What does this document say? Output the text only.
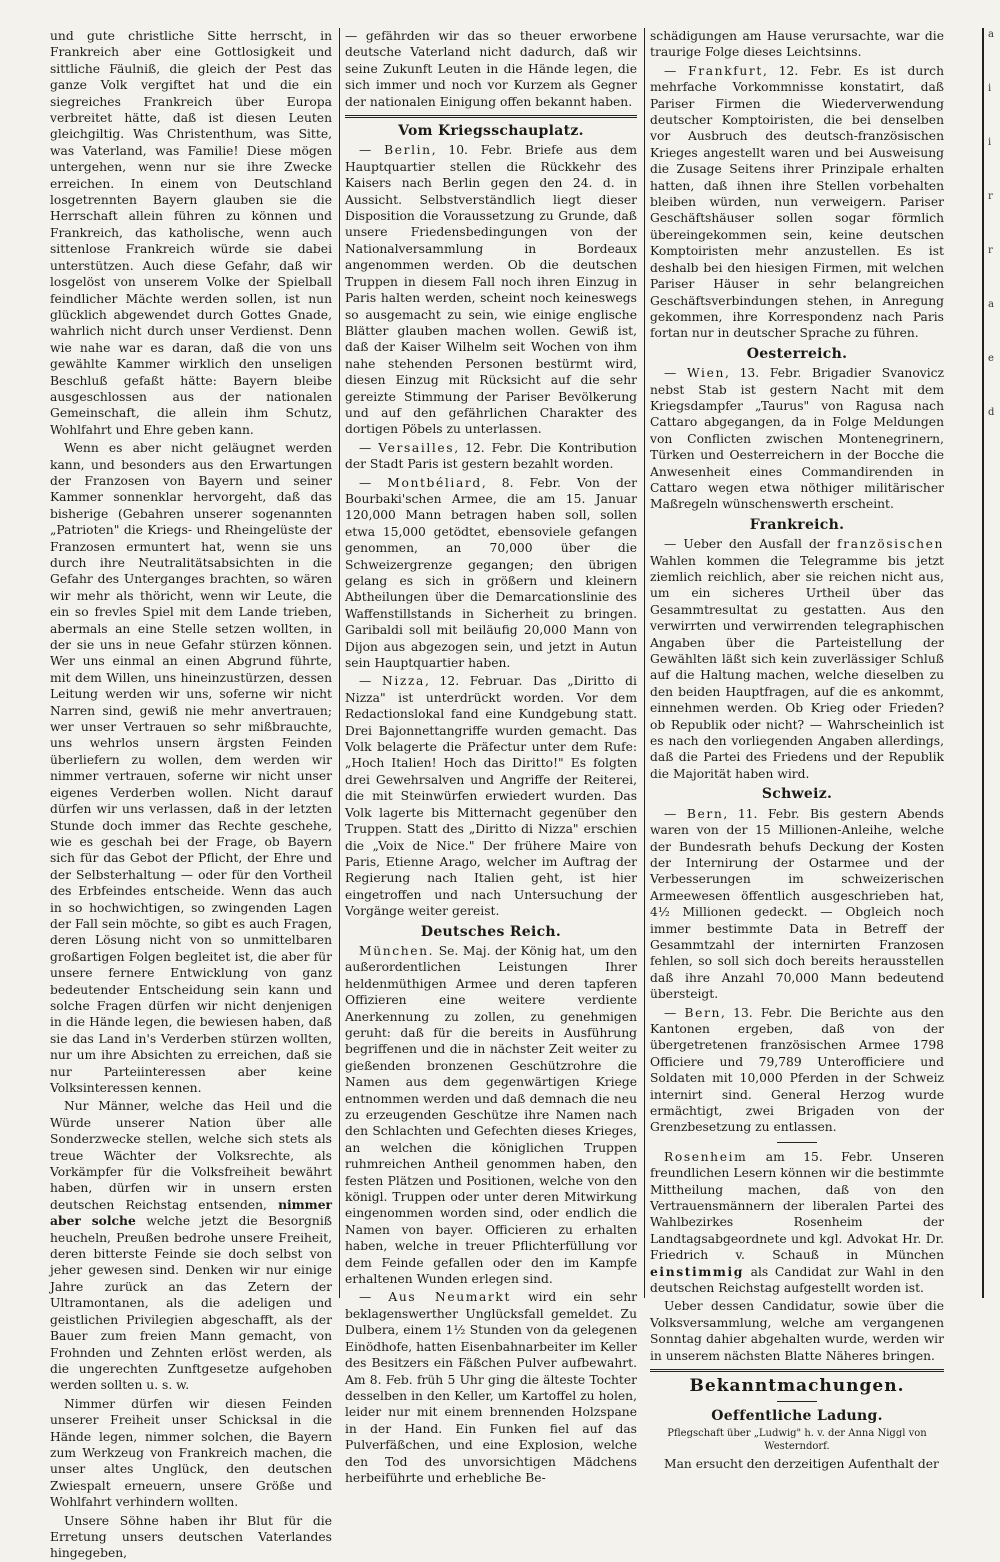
und gute christliche Sitte herrscht, in Frankreich aber eine Gottlosigkeit und sittliche Fäulniß, die gleich der Pest das ganze Volk vergiftet hat und die ein siegreiches Frankreich über Europa verbreitet hätte, daß ist diesen Leuten gleichgiltig. Was Christenthum, was Sitte, was Vaterland, was Familie! Diese mögen untergehen, wenn nur sie ihre Zwecke erreichen. In einem von Deutschland losgetrennten Bayern glauben sie die Herrschaft allein führen zu können und Frankreich, das katholische, wenn auch sittenlose Frankreich würde sie dabei unterstützen. Auch diese Gefahr, daß wir losgelöst von unserem Volke der Spielball feindlicher Mächte werden sollen, ist nun glücklich abgewendet durch Gottes Gnade, wahrlich nicht durch unser Verdienst. Denn wie nahe war es daran, daß die von uns gewählte Kammer wirklich den unseligen Beschluß gefaßt hätte: Bayern bleibe ausgeschlossen aus der nationalen Gemeinschaft, die allein ihm Schutz, Wohlfahrt und Ehre geben kann.

Wenn es aber nicht geläugnet werden kann, und besonders aus den Erwartungen der Franzosen von Bayern und seiner Kammer sonnenklar hervorgeht, daß das bisherige (Gebahren unserer sogenannten „Patrioten" die Kriegs- und Rheingelüste der Franzosen ermuntert hat, wenn sie uns durch ihre Neutralitätsabsichten in die Gefahr des Unterganges brachten, so wären wir mehr als thöricht, wenn wir Leute, die ein so frevles Spiel mit dem Lande trieben, abermals an eine Stelle setzen wollten, in der sie uns in neue Gefahr stürzen können. Wer uns einmal an einen Abgrund führte, mit dem Willen, uns hineinzustürzen, dessen Leitung werden wir uns, soferne wir nicht Narren sind, gewiß nie mehr anvertrauen; wer unser Vertrauen so sehr mißbrauchte, uns wehrlos unsern ärgsten Feinden überliefern zu wollen, dem werden wir nimmer vertrauen, soferne wir nicht unser eigenes Verderben wollen. Nicht darauf dürfen wir uns verlassen, daß in der letzten Stunde doch immer das Rechte geschehe, wie es geschah bei der Frage, ob Bayern sich für das Gebot der Pflicht, der Ehre und der Selbsterhaltung — oder für den Vortheil des Erbfeindes entscheide. Wenn das auch in so hochwichtigen, so zwingenden Lagen der Fall sein möchte, so gibt es auch Fragen, deren Lösung nicht von so unmittelbaren großartigen Folgen begleitet ist, die aber für unsere fernere Entwicklung von ganz bedeutender Entscheidung sein kann und solche Fragen dürfen wir nicht denjenigen in die Hände legen, die bewiesen haben, daß sie das Land in's Verderben stürzen wollten, nur um ihre Absichten zu erreichen, daß sie nur Parteiinteressen aber keine Volksinteressen kennen.

Nur Männer, welche das Heil und die Würde unserer Nation über alle Sonderzwecke stellen, welche sich stets als treue Wächter der Volksrechte, als Vorkämpfer für die Volksfreiheit bewährt haben, dürfen wir in unsern ersten deutschen Reichstag entsenden, nimmer aber solche welche jetzt die Besorgniß heucheln, Preußen bedrohe unsere Freiheit, deren bitterste Feinde sie doch selbst von jeher gewesen sind. Denken wir nur einige Jahre zurück an das Zetern der Ultramontanen, als die adeligen und geistlichen Privilegien abgeschafft, als der Bauer zum freien Mann gemacht, von Frohnden und Zehnten erlöst werden, als die ungerechten Zunftgesetze aufgehoben werden sollten u. s. w.

Nimmer dürfen wir diesen Feinden unserer Freiheit unser Schicksal in die Hände legen, nimmer solchen, die Bayern zum Werkzeug von Frankreich machen, die unser altes Unglück, den deutschen Zwiespalt erneuern, unsere Größe und Wohlfahrt verhindern wollten.

Unsere Söhne haben ihr Blut für die Erretung unsers deutschen Vaterlandes hingegeben,

— gefährden wir das so theuer erworbene deutsche Vaterland nicht dadurch, daß wir seine Zukunft Leuten in die Hände legen, die sich immer und noch vor Kurzem als Gegner der nationalen Einigung offen bekannt haben.

Vom Kriegsschauplatz.

— Berlin, 10. Febr. Briefe aus dem Hauptquartier stellen die Rückkehr des Kaisers nach Berlin gegen den 24. d. in Aussicht. Selbstverständlich liegt dieser Disposition die Voraussetzung zu Grunde, daß unsere Friedensbedingungen von der Nationalversammlung in Bordeaux angenommen werden. Ob die deutschen Truppen in diesem Fall noch ihren Einzug in Paris halten werden, scheint noch keineswegs so ausgemacht zu sein, wie einige englische Blätter glauben machen wollen. Gewiß ist, daß der Kaiser Wilhelm seit Wochen von ihm nahe stehenden Personen bestürmt wird, diesen Einzug mit Rücksicht auf die sehr gereizte Stimmung der Pariser Bevölkerung und auf den gefährlichen Charakter des dortigen Pöbels zu unterlassen.

— Versailles, 12. Febr. Die Kontribution der Stadt Paris ist gestern bezahlt worden.

— Montbéliard, 8. Febr. Von der Bourbaki'schen Armee, die am 15. Januar 120,000 Mann betragen haben soll, sollen etwa 15,000 getödtet, ebensoviele gefangen genommen, an 70,000 über die Schweizergrenze gegangen; den übrigen gelang es sich in größern und kleinern Abtheilungen über die Demarcationslinie des Waffenstillstands in Sicherheit zu bringen. Garibaldi soll mit beiläufig 20,000 Mann von Dijon aus abgezogen sein, und jetzt in Autun sein Hauptquartier haben.

— Nizza, 12. Februar. Das „Diritto di Nizza" ist unterdrückt worden. Vor dem Redactionslokal fand eine Kundgebung statt. Drei Bajonnettangriffe wurden gemacht. Das Volk belagerte die Präfectur unter dem Rufe: „Hoch Italien! Hoch das Diritto!" Es folgten drei Gewehrsalven und Angriffe der Reiterei, die mit Steinwürfen erwiedert wurden. Das Volk lagerte bis Mitternacht gegenüber den Truppen. Statt des „Diritto di Nizza" erschien die „Voix de Nice." Der frühere Maire von Paris, Etienne Arago, welcher im Auftrag der Regierung nach Italien geht, ist hier eingetroffen und nach Untersuchung der Vorgänge weiter gereist.

Deutsches Reich.

München. Se. Maj. der König hat, um den außerordentlichen Leistungen Ihrer heldenmüthigen Armee und deren tapferen Offizieren eine weitere verdiente Anerkennung zu zollen, zu genehmigen geruht: daß für die bereits in Ausführung begriffenen und die in nächster Zeit weiter zu gießenden bronzenen Geschützrohre die Namen aus dem gegenwärtigen Kriege entnommen werden und daß demnach die neu zu erzeugenden Geschütze ihre Namen nach den Schlachten und Gefechten dieses Krieges, an welchen die königlichen Truppen ruhmreichen Antheil genommen haben, den festen Plätzen und Positionen, welche von den königl. Truppen oder unter deren Mitwirkung eingenommen worden sind, oder endlich die Namen von bayer. Officieren zu erhalten haben, welche in treuer Pflichterfüllung vor dem Feinde gefallen oder den im Kampfe erhaltenen Wunden erlegen sind.

— Aus Neumarkt wird ein sehr beklagenswerther Unglücksfall gemeldet. Zu Dulbera, einem 1½ Stunden von da gelegenen Einödhofe, hatten Eisenbahnarbeiter im Keller des Besitzers ein Fäßchen Pulver aufbewahrt. Am 8. Feb. früh 5 Uhr ging die älteste Tochter desselben in den Keller, um Kartoffel zu holen, leider nur mit einem brennenden Holzspane in der Hand. Ein Funken fiel auf das Pulverfäßchen, und eine Explosion, welche den Tod des unvorsichtigen Mädchens herbeiführte und erhebliche Be-

schädigungen am Hause verursachte, war die traurige Folge dieses Leichtsinns.

— Frankfurt, 12. Febr. Es ist durch mehrfache Vorkommnisse konstatirt, daß Pariser Firmen die Wiederverwendung deutscher Komptoiristen, die bei denselben vor Ausbruch des deutsch-französischen Krieges angestellt waren und bei Ausweisung die Zusage Seitens ihrer Prinzipale erhalten hatten, daß ihnen ihre Stellen vorbehalten bleiben würden, nun verweigern. Pariser Geschäftshäuser sollen sogar förmlich übereingekommen sein, keine deutschen Komptoiristen mehr anzustellen. Es ist deshalb bei den hiesigen Firmen, mit welchen Pariser Häuser in sehr belangreichen Geschäftsverbindungen stehen, in Anregung gekommen, ihre Korrespondenz nach Paris fortan nur in deutscher Sprache zu führen.

Oesterreich.

— Wien, 13. Febr. Brigadier Svanovicz nebst Stab ist gestern Nacht mit dem Kriegsdampfer „Taurus" von Ragusa nach Cattaro abgegangen, da in Folge Meldungen von Conflicten zwischen Montenegrinern, Türken und Oesterreichern in der Bocche die Anwesenheit eines Commandirenden in Cattaro wegen etwa nöthiger militärischer Maßregeln wünschenswerth erscheint.

Frankreich.

— Ueber den Ausfall der französischen Wahlen kommen die Telegramme bis jetzt ziemlich reichlich, aber sie reichen nicht aus, um ein sicheres Urtheil über das Gesammtresultat zu gestatten. Aus den verwirrten und verwirrenden telegraphischen Angaben über die Parteistellung der Gewählten läßt sich kein zuverlässiger Schluß auf die Haltung machen, welche dieselben zu den beiden Hauptfragen, auf die es ankommt, einnehmen werden. Ob Krieg oder Frieden? ob Republik oder nicht? — Wahrscheinlich ist es nach den vorliegenden Angaben allerdings, daß die Partei des Friedens und der Republik die Majorität haben wird.

Schweiz.

— Bern, 11. Febr. Bis gestern Abends waren von der 15 Millionen-Anleihe, welche der Bundesrath behufs Deckung der Kosten der Internirung der Ostarmee und der Verbesserungen im schweizerischen Armeewesen öffentlich ausgeschrieben hat, 4½ Millionen gedeckt. — Obgleich noch immer bestimmte Data in Betreff der Gesammtzahl der internirten Franzosen fehlen, so soll sich doch bereits herausstellen daß ihre Anzahl 70,000 Mann bedeutend übersteigt.

— Bern, 13. Febr. Die Berichte aus den Kantonen ergeben, daß von der übergetretenen französischen Armee 1798 Officiere und 79,789 Unterofficiere und Soldaten mit 10,000 Pferden in der Schweiz internirt sind. General Herzog wurde ermächtigt, zwei Brigaden von der Grenzbesetzung zu entlassen.

Rosenheim am 15. Febr. Unseren freundlichen Lesern können wir die bestimmte Mittheilung machen, daß von den Vertrauensmännern der liberalen Partei des Wahlbezirkes Rosenheim der Landtagsabgeordnete und kgl. Advokat Hr. Dr. Friedrich v. Schauß in München einstimmig als Candidat zur Wahl in den deutschen Reichstag aufgestellt worden ist.

Ueber dessen Candidatur, sowie über die Volksversammlung, welche am vergangenen Sonntag dahier abgehalten wurde, werden wir in unserem nächsten Blatte Näheres bringen.

Bekanntmachungen.
Oeffentliche Ladung.

Pflegschaft über „Ludwig" h. v. der Anna Niggl von Westerndorf.

Man ersucht den derzeitigen Aufenthalt der

a
i
i
r
r
a
e
d
